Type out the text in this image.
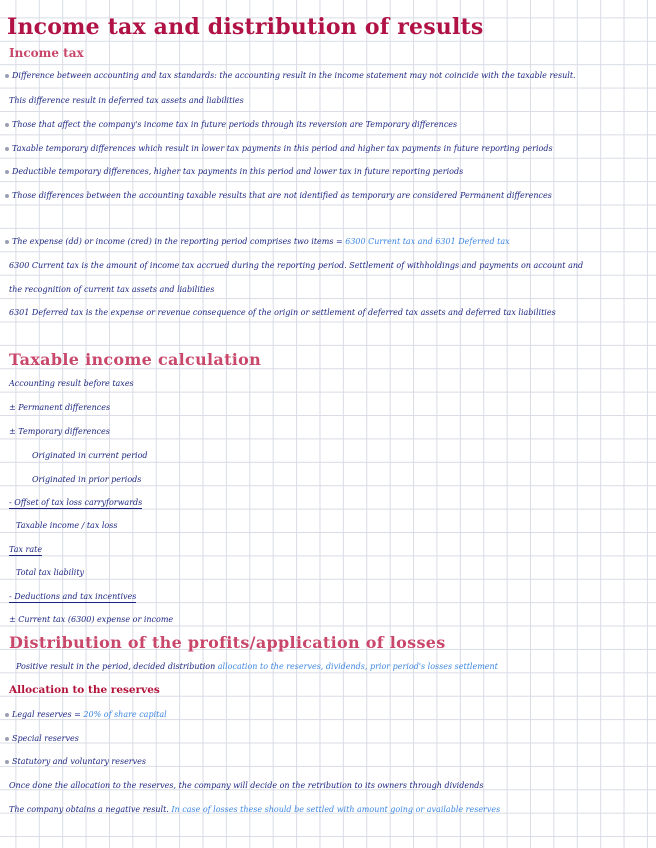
Income tax and distribution of results
Income tax
Difference between accounting and tax standards: the accounting result in the income statement may not coincide with the taxable result.
This difference result in deferred tax assets and liabilities
Those that affect the company's income tax in future periods through its reversion are Temporary differences
Taxable temporary differences which result in lower tax payments in this period and higher tax payments in future reporting periods
Deductible temporary differences, higher tax payments in this period and lower tax in future reporting periods
Those differences between the accounting taxable results that are not identified as temporary are considered Permanent differences
The expense (dd) or income (cred) in the reporting period comprises two items = 6300 Current tax and 6301 Deferred tax
6300 Current tax is the amount of income tax accrued during the reporting period. Settlement of withholdings and payments on account and
the recognition of current tax assets and liabilities
6301 Deferred tax is the expense or revenue consequence of the origin or settlement of deferred tax assets and deferred tax liabilities
Taxable income calculation
Accounting result before taxes
± Permanent differences
± Temporary differences
Originated in current period
Originated in prior periods
- Offset of tax loss carryforwards
Taxable income / tax loss
Tax rate
Total tax liability
- Deductions and tax incentives
± Current tax (6300) expense or income
Distribution of the profits/application of losses
Positive result in the period, decided distribution allocation to the reserves, dividends, prior period's losses settlement
Allocation to the reserves
Legal reserves = 20% of share capital
Special reserves
Statutory and voluntary reserves
Once done the allocation to the reserves, the company will decide on the retribution to its owners through dividends
The company obtains a negative result. In case of losses these should be settled with amount going or available reserves
